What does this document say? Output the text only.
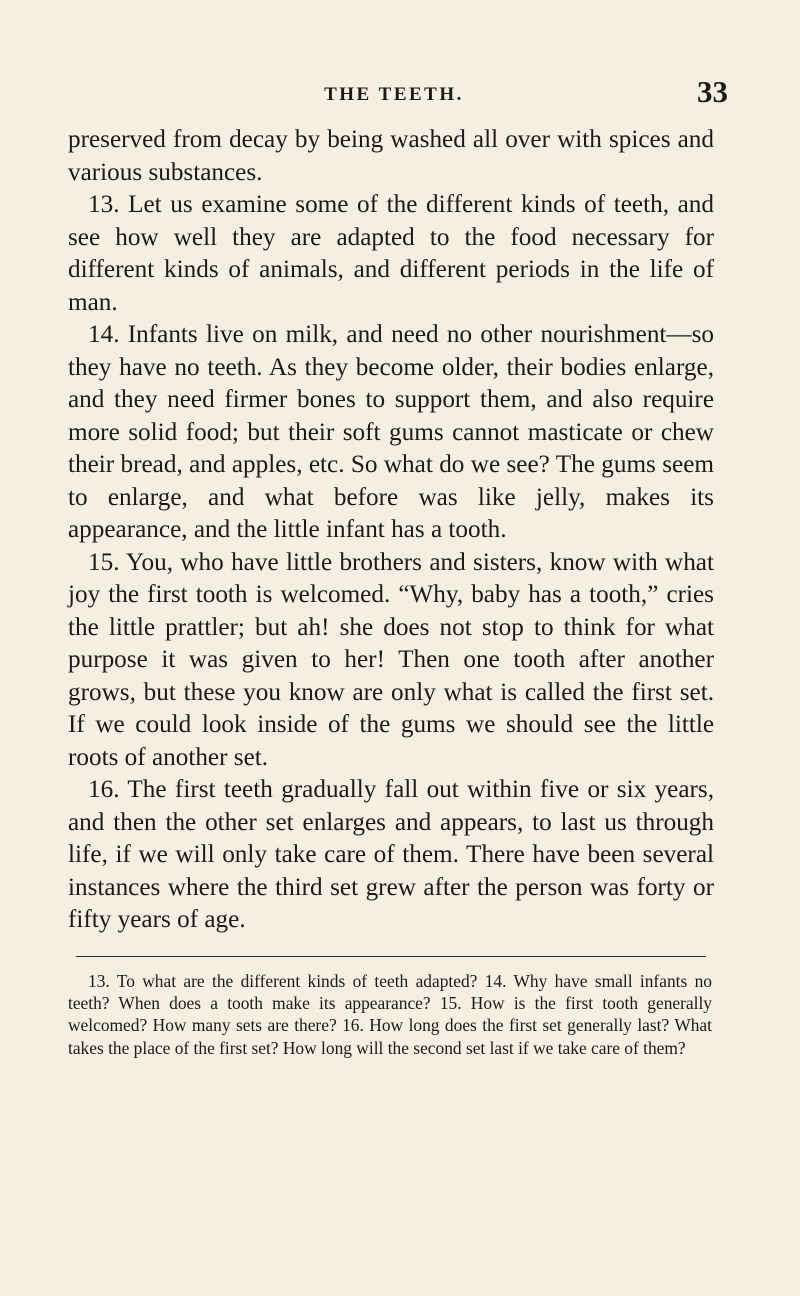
THE TEETH.	33

preserved from decay by being washed all over with spices and various substances.

13. Let us examine some of the different kinds of teeth, and see how well they are adapted to the food necessary for different kinds of animals, and different periods in the life of man.

14. Infants live on milk, and need no other nourishment—so they have no teeth. As they become older, their bodies enlarge, and they need firmer bones to support them, and also require more solid food; but their soft gums cannot masticate or chew their bread, and apples, etc. So what do we see? The gums seem to enlarge, and what before was like jelly, makes its appearance, and the little infant has a tooth.

15. You, who have little brothers and sisters, know with what joy the first tooth is welcomed. “Why, baby has a tooth,” cries the little prattler; but ah! she does not stop to think for what purpose it was given to her! Then one tooth after another grows, but these you know are only what is called the first set. If we could look inside of the gums we should see the little roots of another set.

16. The first teeth gradually fall out within five or six years, and then the other set enlarges and appears, to last us through life, if we will only take care of them. There have been several instances where the third set grew after the person was forty or fifty years of age.

13. To what are the different kinds of teeth adapted? 14. Why have small infants no teeth? When does a tooth make its appearance? 15. How is the first tooth generally welcomed? How many sets are there? 16. How long does the first set generally last? What takes the place of the first set? How long will the second set last if we take care of them?
